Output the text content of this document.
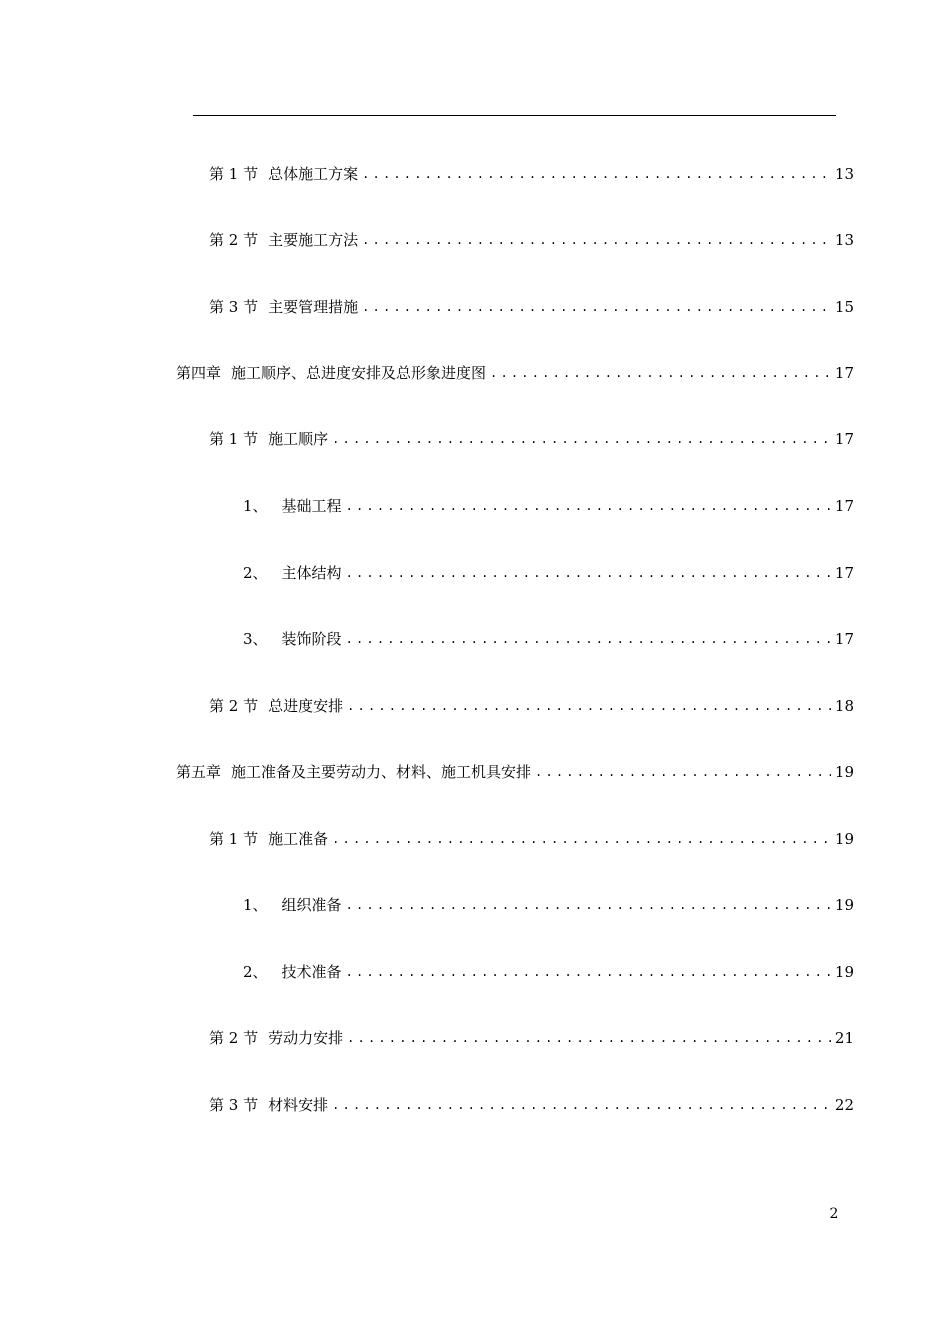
第 1 节 总体施工方案 .....	13
第 2 节 主要施工方法 .....	13
第 3 节 主要管理措施 .....	15
第四章 施工顺序、总进度安排及总形象进度图 .....	17
第 1 节 施工顺序 .....	17
1、 基础工程 .....	17
2、 主体结构 .....	17
3、 装饰阶段 .....	17
第 2 节 总进度安排 .....	18
第五章 施工准备及主要劳动力、材料、施工机具安排 .....	19
第 1 节 施工准备 .....	19
1、 组织准备 .....	19
2、 技术准备 .....	19
第 2 节 劳动力安排 .....	21
第 3 节 材料安排 .....	22
2
